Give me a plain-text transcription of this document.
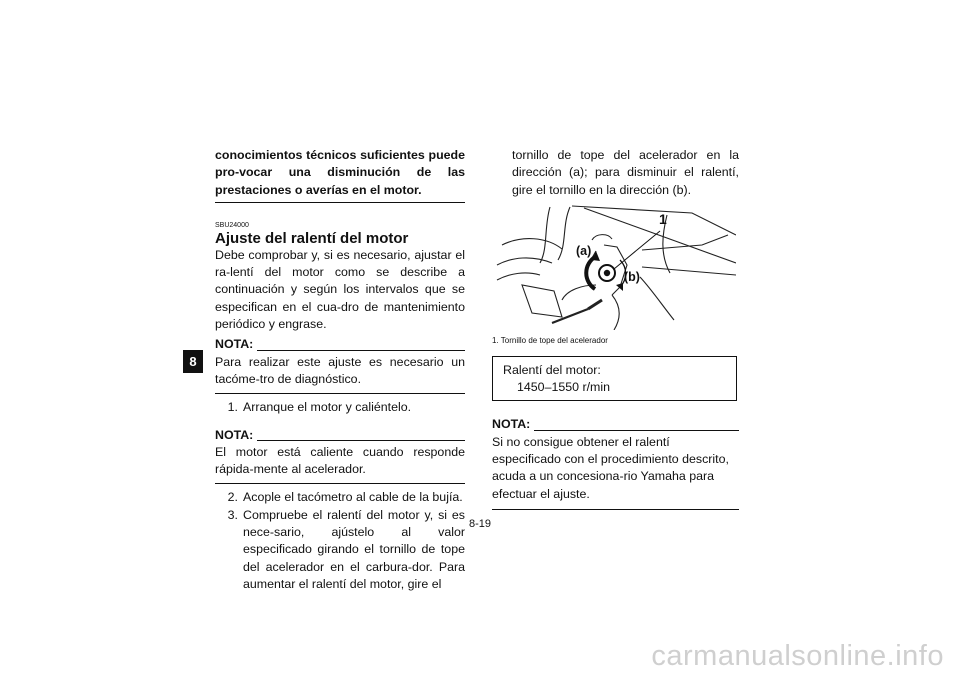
8

conocimientos técnicos suficientes puede pro-vocar una disminución de las prestaciones o averías en el motor.

SBU24000
Ajuste del ralentí del motor

Debe comprobar y, si es necesario, ajustar el ra-lentí del motor como se describe a continuación y según los intervalos que se especifican en el cua-dro de mantenimiento periódico y engrase.

NOTA:

Para realizar este ajuste es necesario un tacóme-tro de diagnóstico.

1. Arranque el motor y caliéntelo.
NOTA:

El motor está caliente cuando responde rápida-mente al acelerador.

2. Acople el tacómetro al cable de la bujía.
3. Compruebe el ralentí del motor y, si es nece-sario, ajústelo al valor especificado girando el tornillo de tope del acelerador en el carbura-dor. Para aumentar el ralentí del motor, gire el

tornillo de tope del acelerador en la dirección (a); para disminuir el ralentí, gire el tornillo en la dirección (b).

1
(a)
(b)
1. Tornillo de tope del acelerador
Ralentí del motor:
1450–1550 r/min
NOTA:

Si no consigue obtener el ralentí especificado con el procedimiento descrito, acuda a un concesiona-rio Yamaha para efectuar el ajuste.

8-19
carmanualsonline.info
